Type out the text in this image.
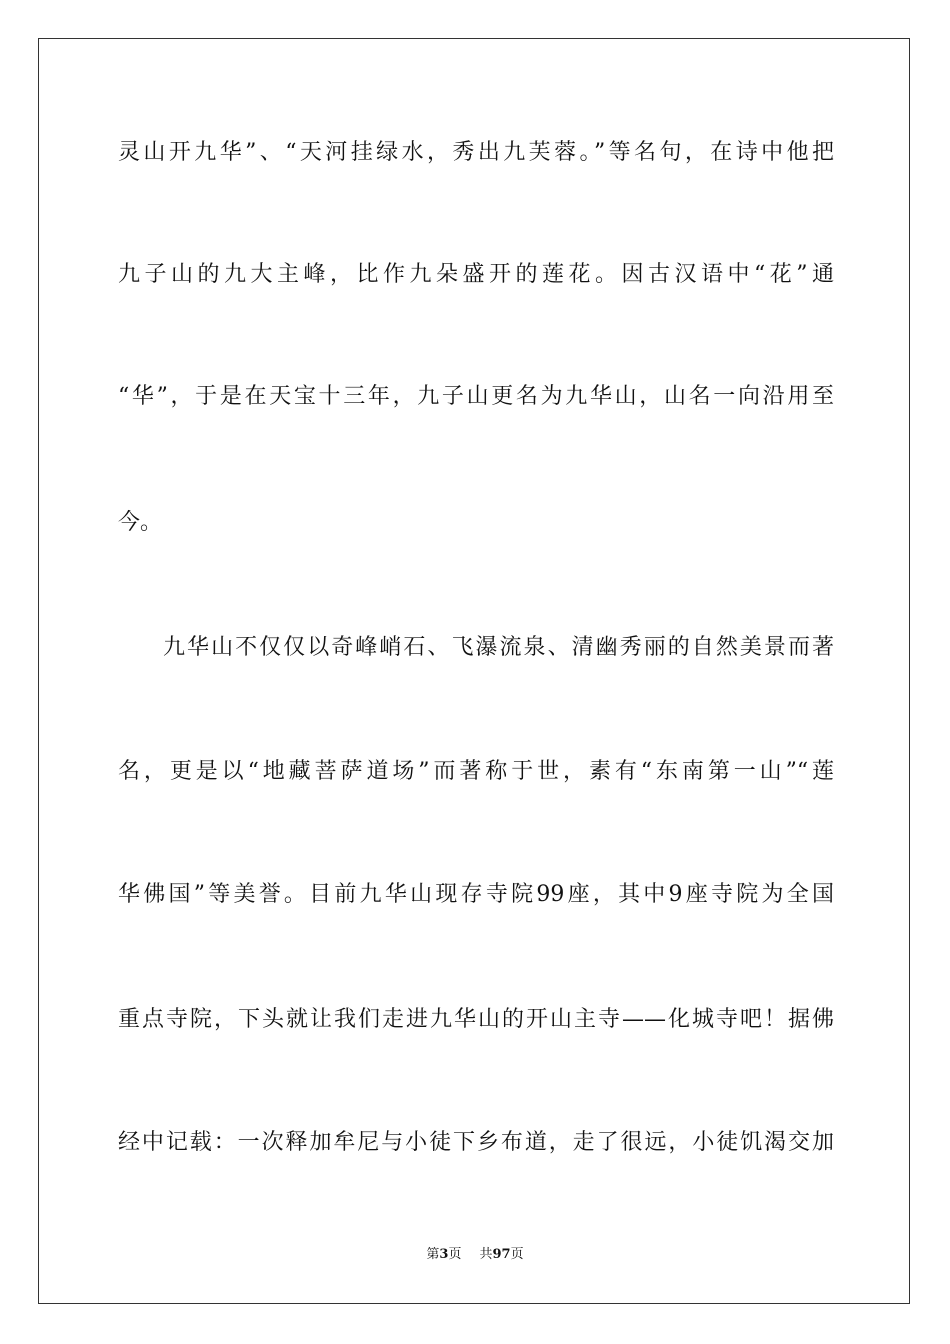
灵山开九华”、“天河挂绿水，秀出九芙蓉。”等名句，在诗中他把
九子山的九大主峰，比作九朵盛开的莲花。因古汉语中“花”通
“华”，于是在天宝十三年，九子山更名为九华山，山名一向沿用至
今。
九华山不仅仅以奇峰峭石、飞瀑流泉、清幽秀丽的自然美景而著
名，更是以“地藏菩萨道场”而著称于世，素有“东南第一山”“莲
华佛国”等美誉。目前九华山现存寺院99座，其中9座寺院为全国
重点寺院，下头就让我们走进九华山的开山主寺——化城寺吧！据佛
经中记载：一次释加牟尼与小徒下乡布道，走了很远，小徒饥渴交加
第3页 共97页
